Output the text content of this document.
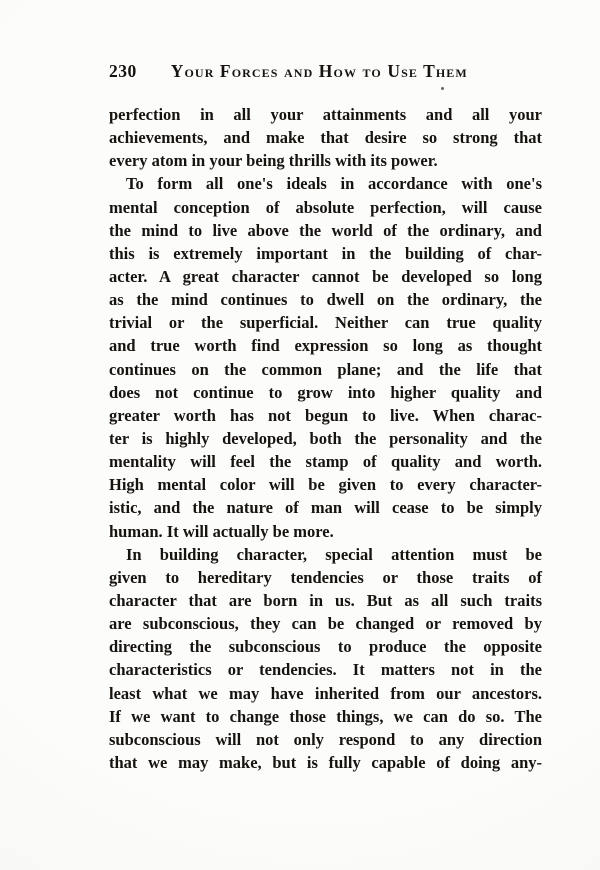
230 Your Forces and How to Use Them
perfection in all your attainments and all your
achievements, and make that desire so strong that
every atom in your being thrills with its power.
To form all one's ideals in accordance with one's
mental conception of absolute perfection, will cause
the mind to live above the world of the ordinary, and
this is extremely important in the building of char-
acter. A great character cannot be developed so long
as the mind continues to dwell on the ordinary, the
trivial or the superficial. Neither can true quality
and true worth find expression so long as thought
continues on the common plane; and the life that
does not continue to grow into higher quality and
greater worth has not begun to live. When charac-
ter is highly developed, both the personality and the
mentality will feel the stamp of quality and worth.
High mental color will be given to every character-
istic, and the nature of man will cease to be simply
human. It will actually be more.
In building character, special attention must be
given to hereditary tendencies or those traits of
character that are born in us. But as all such traits
are subconscious, they can be changed or removed by
directing the subconscious to produce the opposite
characteristics or tendencies. It matters not in the
least what we may have inherited from our ancestors.
If we want to change those things, we can do so. The
subconscious will not only respond to any direction
that we may make, but is fully capable of doing any-
